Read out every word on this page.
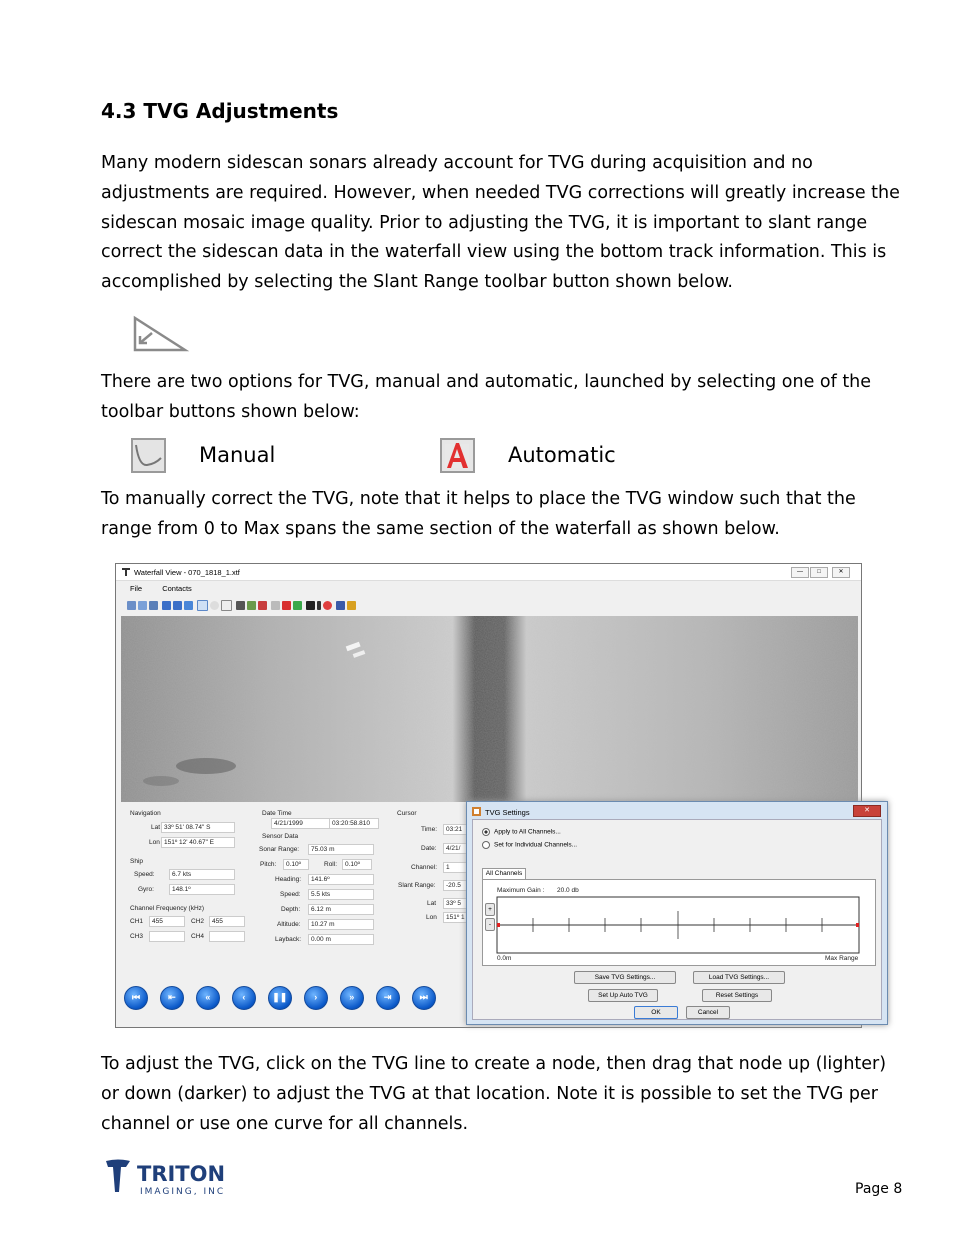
4.3 TVG Adjustments

Many modern sidescan sonars already account for TVG during acquisition and no adjustments are required. However, when needed TVG corrections will greatly increase the sidescan mosaic image quality. Prior to adjusting the TVG, it is important to slant range correct the sidescan data in the waterfall view using the bottom track information. This is accomplished by selecting the Slant Range toolbar button shown below.

There are two options for TVG, manual and automatic, launched by selecting one of the toolbar buttons shown below:

Manual	Automatic

To manually correct the TVG, note that it helps to place the TVG window such that the range from 0 to Max spans the same section of the waterfall as shown below.

Waterfall View - 070_1818_1.xtf	—	□	✕
File	Contacts

Navigation
Lat 33º 51' 08.74" S
Lon 151º 12' 40.67" E
Ship
Speed:	6.7 kts
Gyro:	148.1º
Channel Frequency (kHz)
CH1	455	CH2	455
CH3	CH4
Date Time
4/21/1999	03:20:58.810
Sensor Data
Sonar Range:	75.03 m
Pitch:	0.10º	Roll:	0.10º
Heading:	141.6º
Speed:	5.5 kts
Depth:	6.12 m
Altitude:	10.27 m
Layback:	0.00 m
Cursor
Time:	03:21
Date:	4/21/
Channel:	1
Slant Range:	-20.5
Lat	33º 5
Lon	151º 1
⏮
	⇤
	«
	‹
	❚❚
	›
	»
	⇥
	⏭
TVG Settings	✕
Apply to All Channels...
Set for Individual Channels...
All Channels
Maximum Gain : 20.0 db
+
-
0.0m	Max Range
Save TVG Settings...	Load TVG Settings...
Set Up Auto TVG	Reset Settings
OK	Cancel

To adjust the TVG, click on the TVG line to create a node, then drag that node up (lighter) or down (darker) to adjust the TVG at that location. Note it is possible to set the TVG per channel or use one curve for all channels.

TRITON
IMAGING, INC	Page 8
